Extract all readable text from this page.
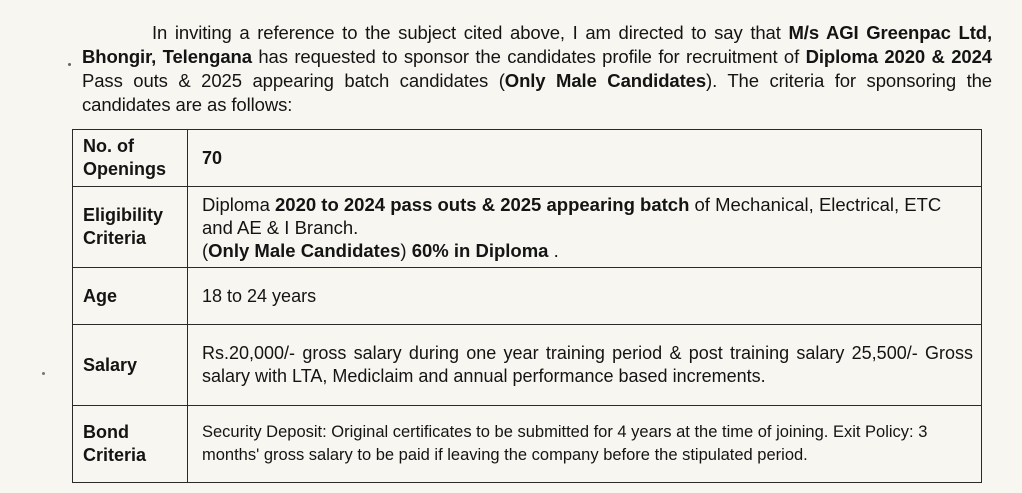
In inviting a reference to the subject cited above, I am directed to say that M/s AGI Greenpac Ltd, Bhongir, Telengana has requested to sponsor the candidates profile for recruitment of Diploma 2020 & 2024 Pass outs & 2025 appearing batch candidates (Only Male Candidates). The criteria for sponsoring the candidates are as follows:

No. of
Openings	70
Eligibility
Criteria	Diploma 2020 to 2024 pass outs & 2025 appearing batch of Mechanical, Electrical, ETC and AE & I Branch.
(Only Male Candidates) 60% in Diploma .
Age	18 to 24 years
Salary	Rs.20,000/- gross salary during one year training period & post training salary 25,500/- Gross salary with LTA, Mediclaim and annual performance based increments.
Bond
Criteria	Security Deposit: Original certificates to be submitted for 4 years at the time of joining. Exit Policy: 3 months' gross salary to be paid if leaving the company before the stipulated period.
